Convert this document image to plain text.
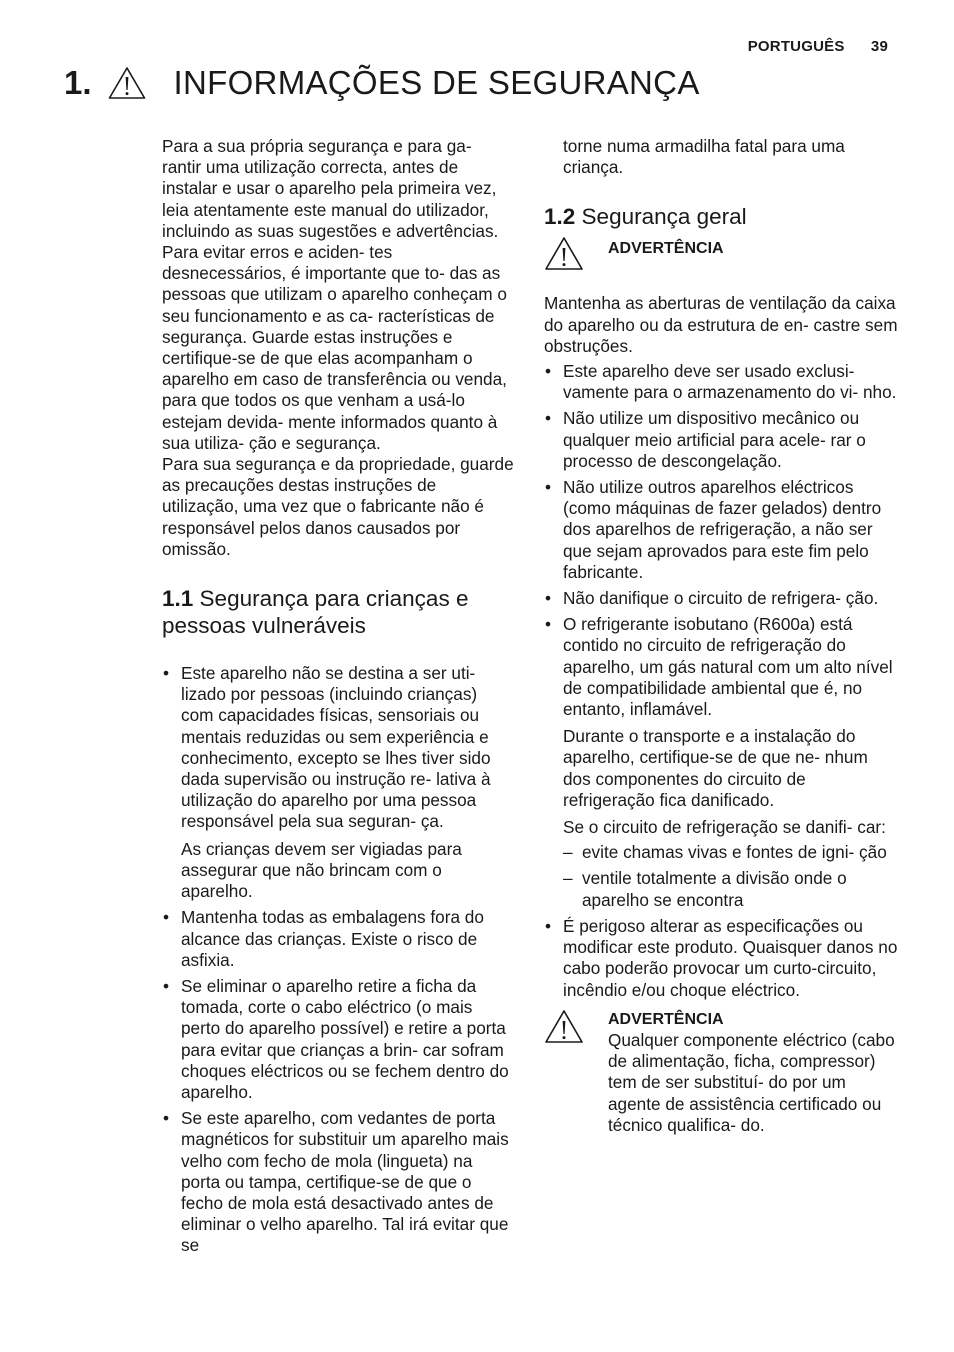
PORTUGUÊS 39
1. INFORMAÇÕES DE SEGURANÇA

Para a sua própria segurança e para ga- rantir uma utilização correcta, antes de instalar e usar o aparelho pela primeira vez, leia atentamente este manual do utilizador, incluindo as suas sugestões e advertências. Para evitar erros e aciden- tes desnecessários, é importante que to- das as pessoas que utilizam o aparelho conheçam o seu funcionamento e as ca- racterísticas de segurança. Guarde estas instruções e certifique-se de que elas acompanham o aparelho em caso de transferência ou venda, para que todos os que venham a usá-lo estejam devida- mente informados quanto à sua utiliza- ção e segurança.

Para sua segurança e da propriedade, guarde as precauções destas instruções de utilização, uma vez que o fabricante não é responsável pelos danos causados por omissão.

1.1 Segurança para crianças e pessoas vulneráveis
• Este aparelho não se destina a ser uti- lizado por pessoas (incluindo crianças) com capacidades físicas, sensoriais ou mentais reduzidas ou sem experiência e conhecimento, excepto se lhes tiver sido dada supervisão ou instrução re- lativa à utilização do aparelho por uma pessoa responsável pela sua seguran- ça.
As crianças devem ser vigiadas para assegurar que não brincam com o aparelho.
• Mantenha todas as embalagens fora do alcance das crianças. Existe o risco de asfixia.
• Se eliminar o aparelho retire a ficha da tomada, corte o cabo eléctrico (o mais perto do aparelho possível) e retire a porta para evitar que crianças a brin- car sofram choques eléctricos ou se fechem dentro do aparelho.
• Se este aparelho, com vedantes de porta magnéticos for substituir um aparelho mais velho com fecho de mola (lingueta) na porta ou tampa, certifique-se de que o fecho de mola está desactivado antes de eliminar o velho aparelho. Tal irá evitar que se

torne numa armadilha fatal para uma criança.

1.2 Segurança geral
ADVERTÊNCIA

Mantenha as aberturas de ventilação da caixa do aparelho ou da estrutura de en- castre sem obstruções.

• Este aparelho deve ser usado exclusi- vamente para o armazenamento do vi- nho.
• Não utilize um dispositivo mecânico ou qualquer meio artificial para acele- rar o processo de descongelação.
• Não utilize outros aparelhos eléctricos (como máquinas de fazer gelados) dentro dos aparelhos de refrigeração, a não ser que sejam aprovados para este fim pelo fabricante.
• Não danifique o circuito de refrigera- ção.
• O refrigerante isobutano (R600a) está contido no circuito de refrigeração do aparelho, um gás natural com um alto nível de compatibilidade ambiental que é, no entanto, inflamável.
Durante o transporte e a instalação do aparelho, certifique-se de que ne- nhum dos componentes do circuito de refrigeração fica danificado.
Se o circuito de refrigeração se danifi- car:
– evite chamas vivas e fontes de igni- ção
– ventile totalmente a divisão onde o aparelho se encontra
• É perigoso alterar as especificações ou modificar este produto. Quaisquer danos no cabo poderão provocar um curto-circuito, incêndio e/ou choque eléctrico.
ADVERTÊNCIA
Qualquer componente eléctrico (cabo de alimentação, ficha, compressor) tem de ser substituí- do por um agente de assistência certificado ou técnico qualifica- do.
